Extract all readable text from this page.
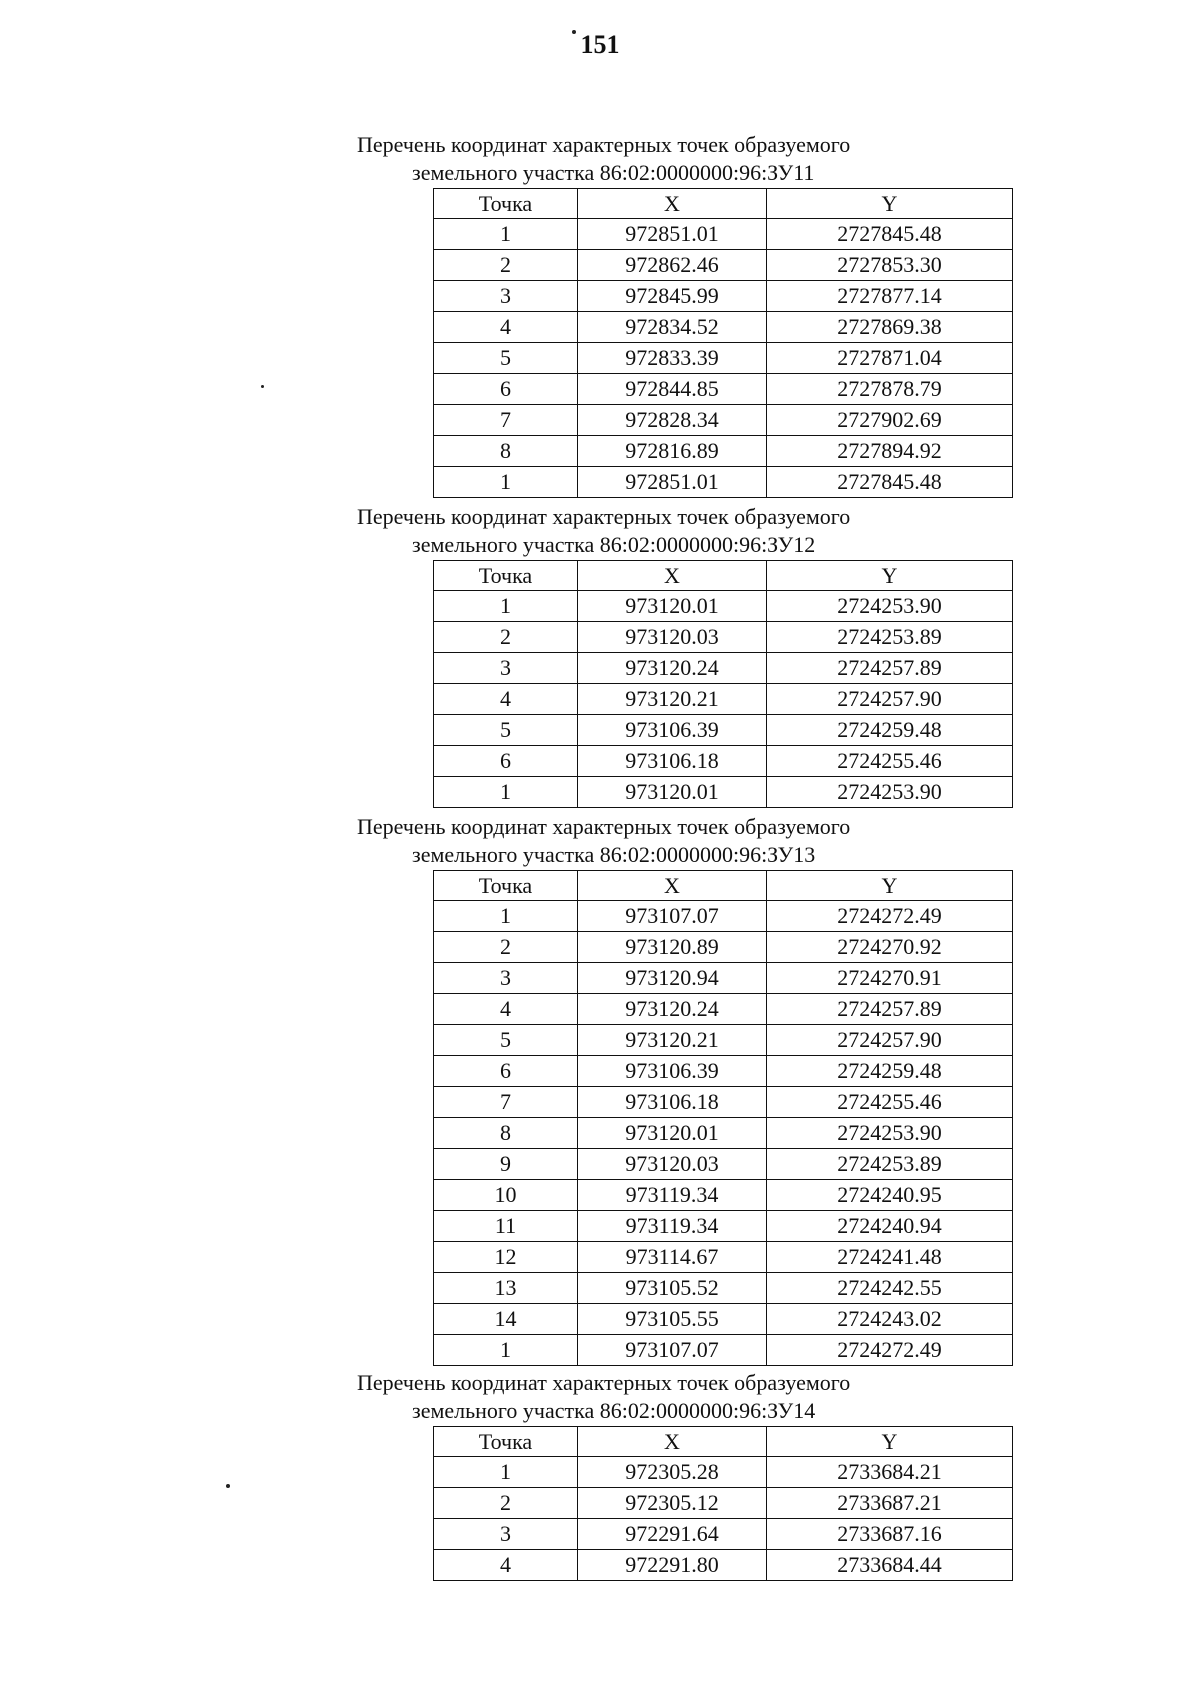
151
Перечень координат характерных точек образуемого
земельного участка 86:02:0000000:96:ЗУ11
Точка	X	Y
1	972851.01	2727845.48
2	972862.46	2727853.30
3	972845.99	2727877.14
4	972834.52	2727869.38
5	972833.39	2727871.04
6	972844.85	2727878.79
7	972828.34	2727902.69
8	972816.89	2727894.92
1	972851.01	2727845.48
Перечень координат характерных точек образуемого
земельного участка 86:02:0000000:96:ЗУ12
Точка	X	Y
1	973120.01	2724253.90
2	973120.03	2724253.89
3	973120.24	2724257.89
4	973120.21	2724257.90
5	973106.39	2724259.48
6	973106.18	2724255.46
1	973120.01	2724253.90
Перечень координат характерных точек образуемого
земельного участка 86:02:0000000:96:ЗУ13
Точка	X	Y
1	973107.07	2724272.49
2	973120.89	2724270.92
3	973120.94	2724270.91
4	973120.24	2724257.89
5	973120.21	2724257.90
6	973106.39	2724259.48
7	973106.18	2724255.46
8	973120.01	2724253.90
9	973120.03	2724253.89
10	973119.34	2724240.95
11	973119.34	2724240.94
12	973114.67	2724241.48
13	973105.52	2724242.55
14	973105.55	2724243.02
1	973107.07	2724272.49
Перечень координат характерных точек образуемого
земельного участка 86:02:0000000:96:ЗУ14
Точка	X	Y
1	972305.28	2733684.21
2	972305.12	2733687.21
3	972291.64	2733687.16
4	972291.80	2733684.44
